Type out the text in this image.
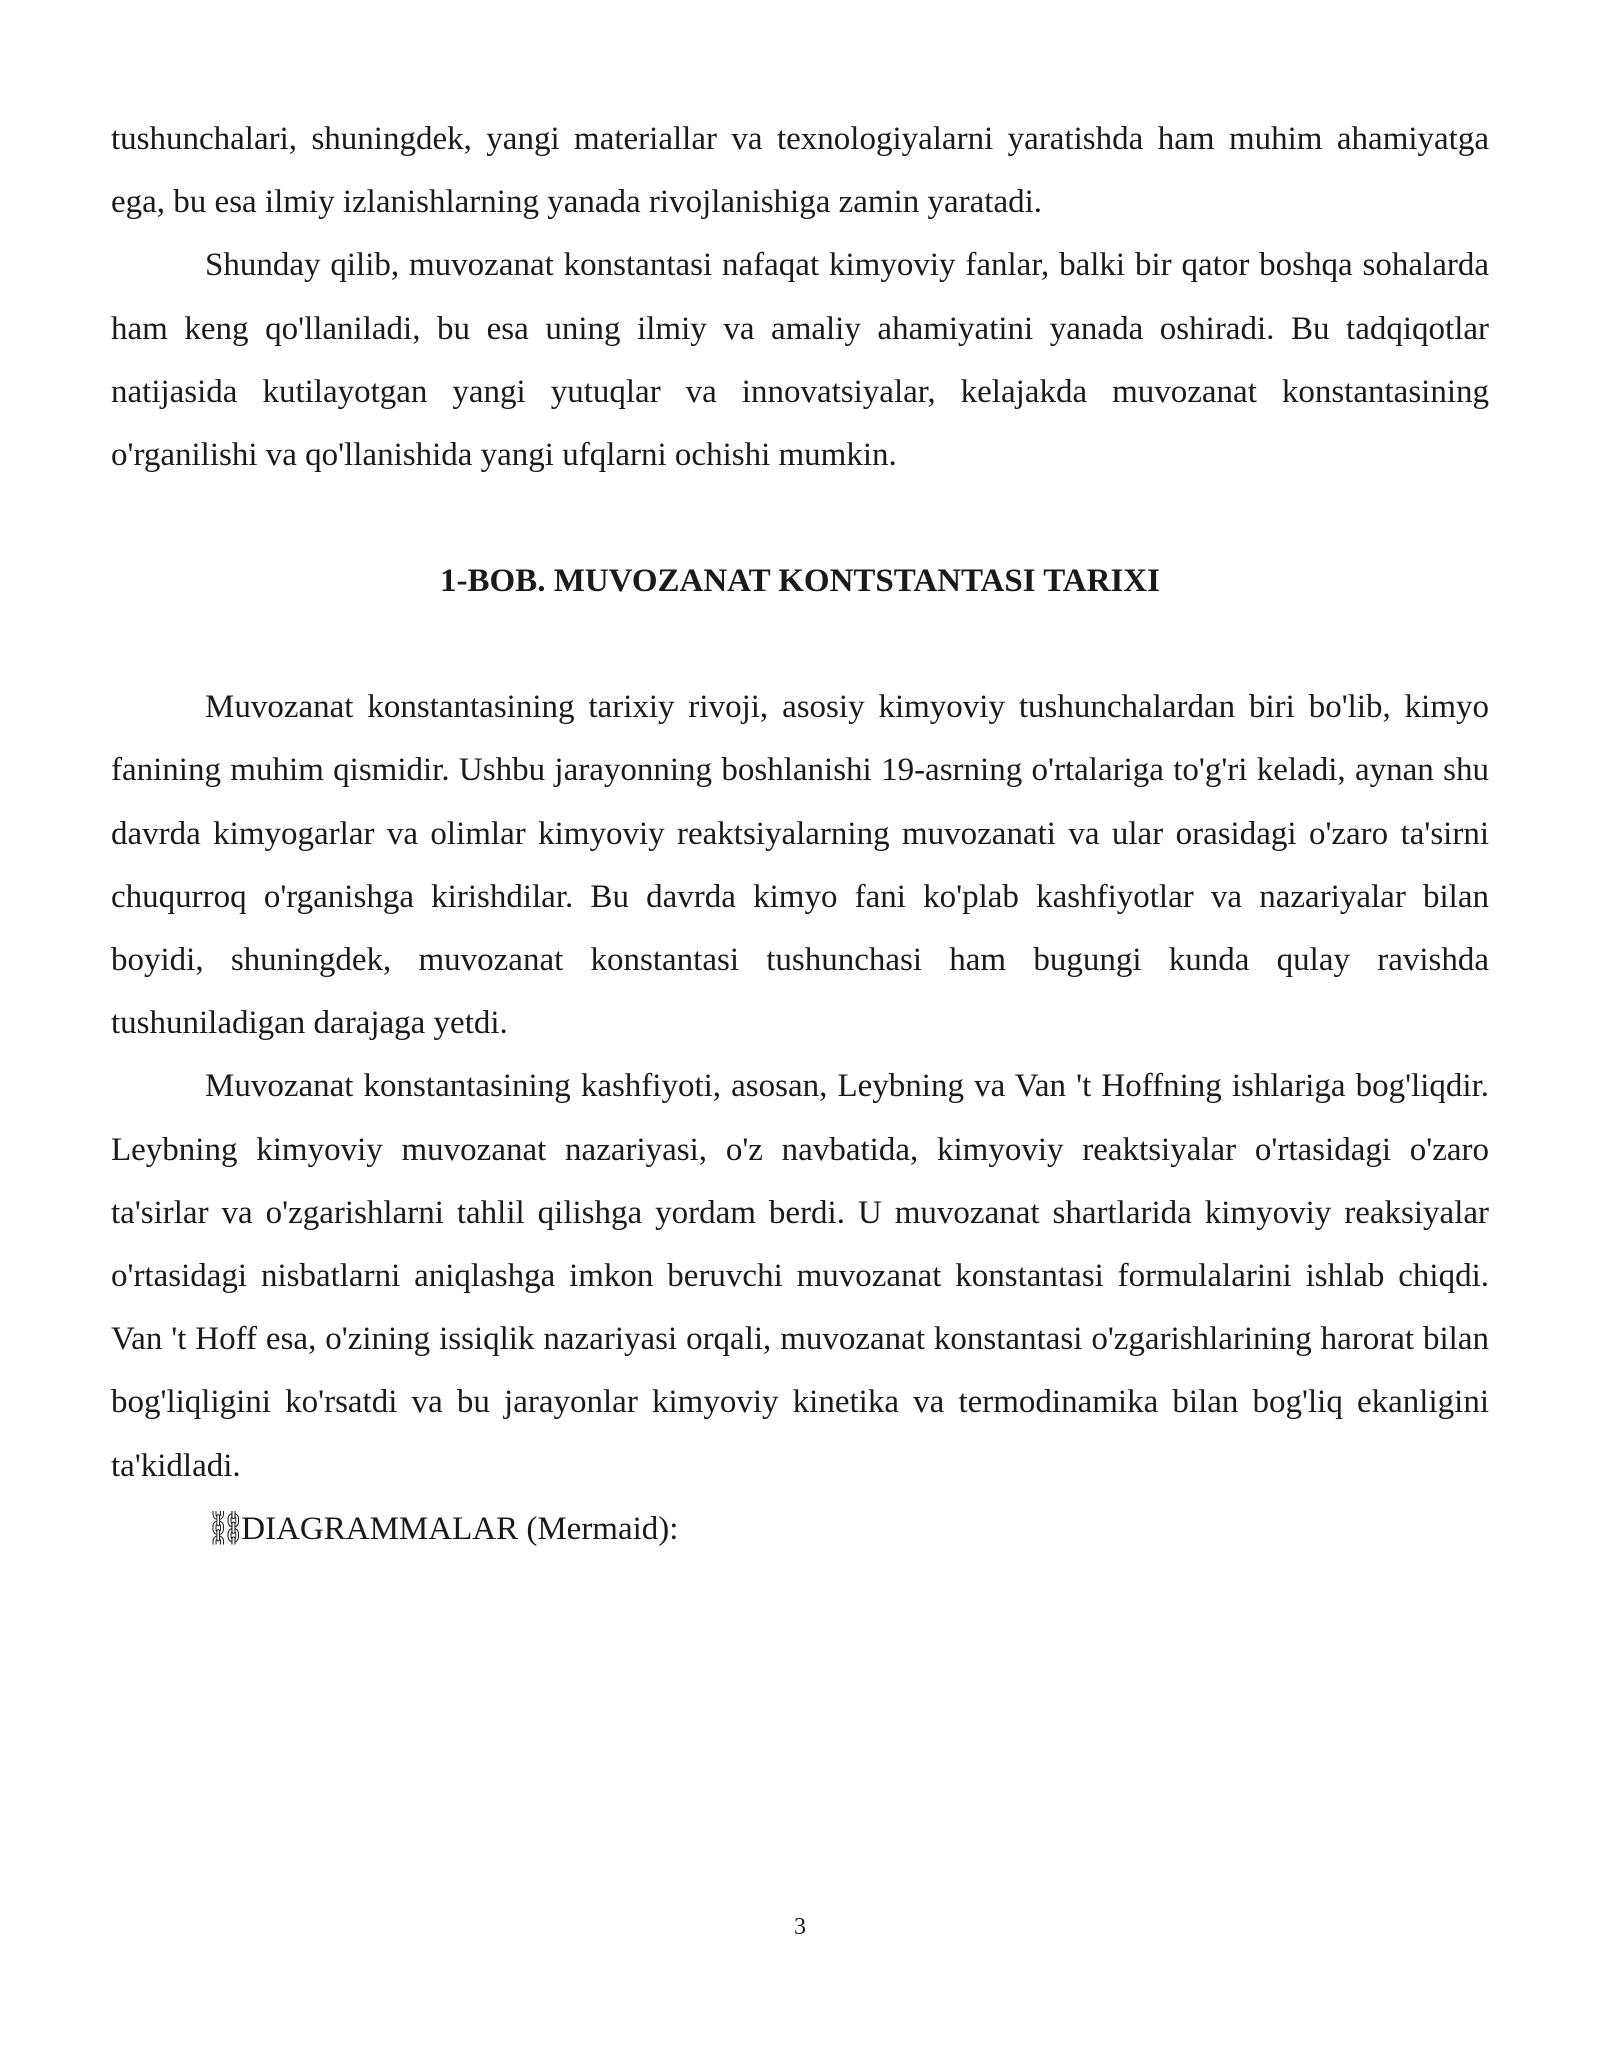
tushunchalari, shuningdek, yangi materiallar va texnologiyalarni yaratishda ham muhim ahamiyatga ega, bu esa ilmiy izlanishlarning yanada rivojlanishiga zamin yaratadi.

Shunday qilib, muvozanat konstantasi nafaqat kimyoviy fanlar, balki bir qator boshqa sohalarda ham keng qo'llaniladi, bu esa uning ilmiy va amaliy ahamiyatini yanada oshiradi. Bu tadqiqotlar natijasida kutilayotgan yangi yutuqlar va innovatsiyalar, kelajakda muvozanat konstantasining o'rganilishi va qo'llanishida yangi ufqlarni ochishi mumkin.

1-BOB. MUVOZANAT KONTSTANTASI TARIXI

Muvozanat konstantasining tarixiy rivoji, asosiy kimyoviy tushunchalardan biri bo'lib, kimyo fanining muhim qismidir. Ushbu jarayonning boshlanishi 19-asrning o'rtalariga to'g'ri keladi, aynan shu davrda kimyogarlar va olimlar kimyoviy reaktsiyalarning muvozanati va ular orasidagi o'zaro ta'sirni chuqurroq o'rganishga kirishdilar. Bu davrda kimyo fani ko'plab kashfiyotlar va nazariyalar bilan boyidi, shuningdek, muvozanat konstantasi tushunchasi ham bugungi kunda qulay ravishda tushuniladigan darajaga yetdi.

Muvozanat konstantasining kashfiyoti, asosan, Leybning va Van 't Hoffning ishlariga bog'liqdir. Leybning kimyoviy muvozanat nazariyasi, o'z navbatida, kimyoviy reaktsiyalar o'rtasidagi o'zaro ta'sirlar va o'zgarishlarni tahlil qilishga yordam berdi. U muvozanat shartlarida kimyoviy reaksiyalar o'rtasidagi nisbatlarni aniqlashga imkon beruvchi muvozanat konstantasi formulalarini ishlab chiqdi. Van 't Hoff esa, o'zining issiqlik nazariyasi orqali, muvozanat konstantasi o'zgarishlarining harorat bilan bog'liqligini ko'rsatdi va bu jarayonlar kimyoviy kinetika va termodinamika bilan bog'liq ekanligini ta'kidladi.

⛓ DIAGRAMMALAR (Mermaid):

3
